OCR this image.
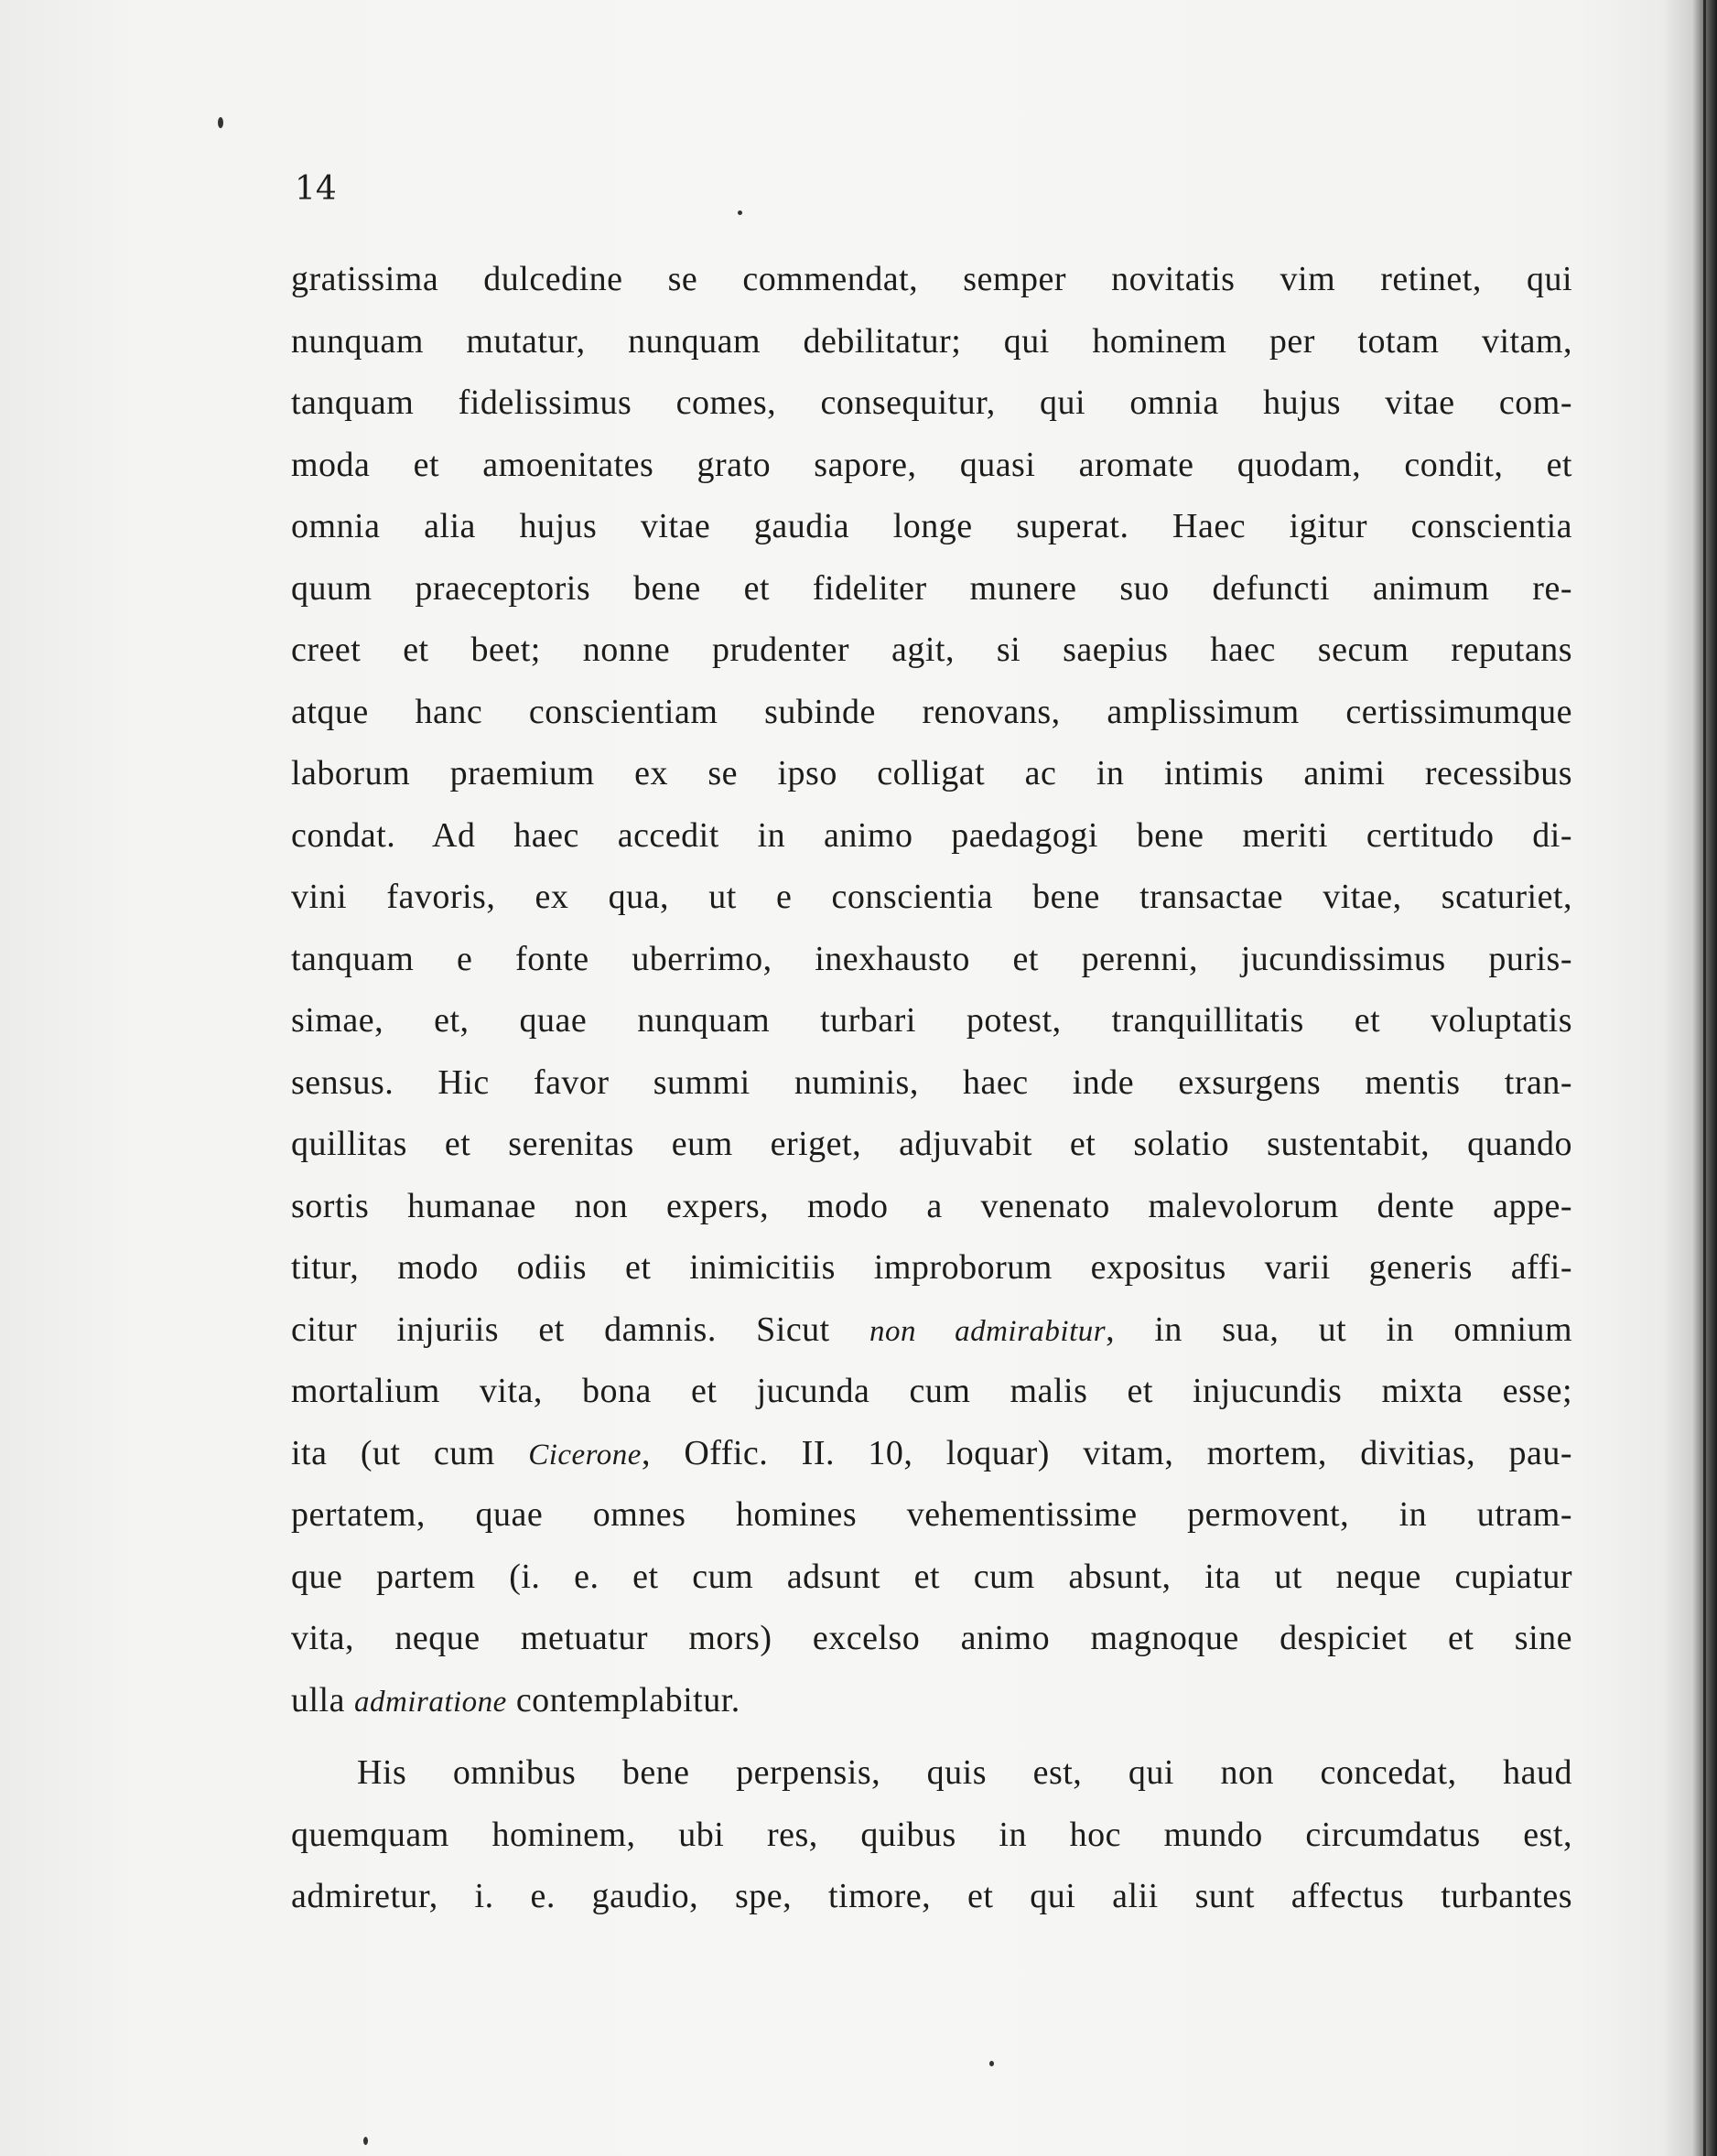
14
gratissima dulcedine se commendat, semper novitatis vim retinet, qui
nunquam mutatur, nunquam debilitatur; qui hominem per totam vitam,
tanquam fidelissimus comes, consequitur, qui omnia hujus vitae com-
moda et amoenitates grato sapore, quasi aromate quodam, condit, et
omnia alia hujus vitae gaudia longe superat. Haec igitur conscientia
quum praeceptoris bene et fideliter munere suo defuncti animum re-
creet et beet; nonne prudenter agit, si saepius haec secum reputans
atque hanc conscientiam subinde renovans, amplissimum certissimumque
laborum praemium ex se ipso colligat ac in intimis animi recessibus
condat. Ad haec accedit in animo paedagogi bene meriti certitudo di-
vini favoris, ex qua, ut e conscientia bene transactae vitae, scaturiet,
tanquam e fonte uberrimo, inexhausto et perenni, jucundissimus puris-
simae, et, quae nunquam turbari potest, tranquillitatis et voluptatis
sensus. Hic favor summi numinis, haec inde exsurgens mentis tran-
quillitas et serenitas eum eriget, adjuvabit et solatio sustentabit, quando
sortis humanae non expers, modo a venenato malevolorum dente appe-
titur, modo odiis et inimicitiis improborum expositus varii generis affi-
citur injuriis et damnis. Sicut non admirabitur, in sua, ut in omnium
mortalium vita, bona et jucunda cum malis et injucundis mixta esse;
ita (ut cum Cicerone, Offic. II. 10, loquar) vitam, mortem, divitias, pau-
pertatem, quae omnes homines vehementissime permovent, in utram-
que partem (i. e. et cum adsunt et cum absunt, ita ut neque cupiatur
vita, neque metuatur mors) excelso animo magnoque despiciet et sine
ulla admiratione contemplabitur.
His omnibus bene perpensis, quis est, qui non concedat, haud
quemquam hominem, ubi res, quibus in hoc mundo circumdatus est,
admiretur, i. e. gaudio, spe, timore, et qui alii sunt affectus turbantes
